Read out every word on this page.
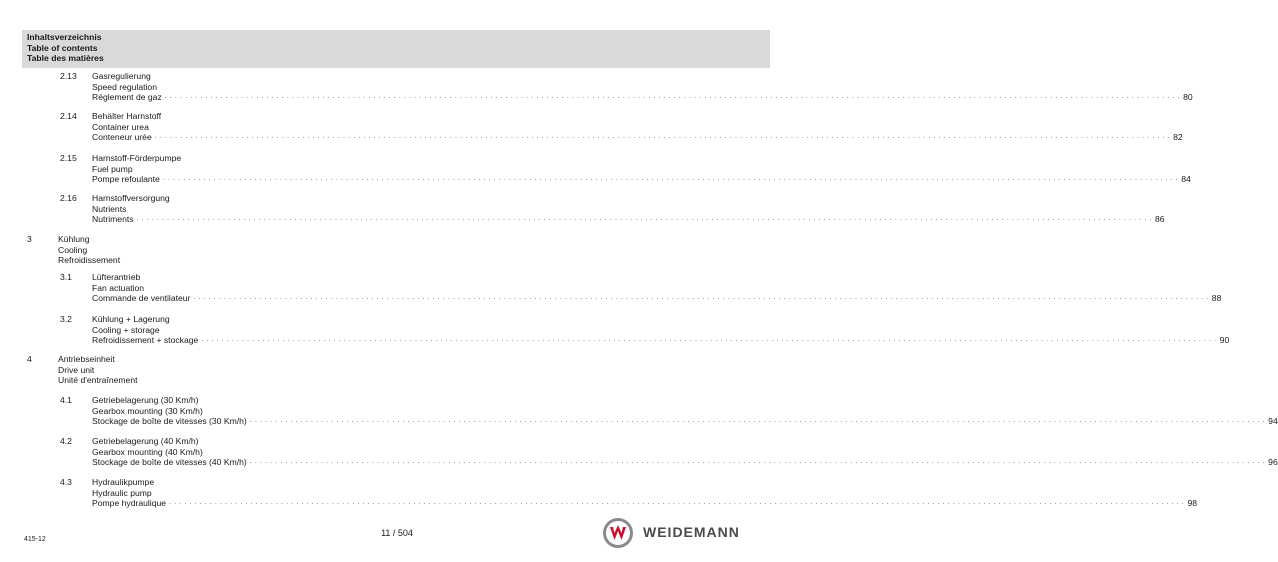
Inhaltsverzeichnis
Table of contents
Table des matières
2.13 Gasregulierung
Speed regulation
Réglement de gaz . . . . . . . . . . . . . . . . . . . . . . . . . . . . . . . . . . . . . . . . . . . . . . . . . . . . . . . . . . . . . . . . . . . . . . . . . . . . . . . . . . . . . . . . . . . . . . . . . . . . . . . . . . . . . . . . . . . . . . . . . . . . . . . . . . . . . . . . . . . . . . . . . . . . . . . . . . . . . . . . . . . . . . . . . . . . . . . . . . . . . . . . . . . . . . . . . . . . . . . . 80
2.14 Behälter Harnstoff
Container urea
Conteneur urée . . . . . . . . . . . . . . . . . . . . . . . . . . . . . . . . . . . . . . . . . . . . . . . . . . . . . . . . . . . . . . . . . . . . . . . . . . . . . . . . . . . . . . . . . . . . . . . . . . . . . . . . . . . . . . . . . . . . . . . . . . . . . . . . . . . . . . . . . . . . . . . . . . . . . . . . . . . . . . . . . . . . . . . . . . . . . . . . . . . . . . . . . . . . . . . . . . . . . . . . 82
2.15 Harnstoff-Förderpumpe
Fuel pump
Pompe refoulante . . . . . . . . . . . . . . . . . . . . . . . . . . . . . . . . . . . . . . . . . . . . . . . . . . . . . . . . . . . . . . . . . . . . . . . . . . . . . . . . . . . . . . . . . . . . . . . . . . . . . . . . . . . . . . . . . . . . . . . . . . . . . . . . . . . . . . . . . . . . . . . . . . . . . . . . . . . . . . . . . . . . . . . . . . . . . . . . . . . . . . . . . . . . . . . . . . . . . . . . 84
2.16 Harnstoffversorgung
Nutrients
Nutriments . . . . . . . . . . . . . . . . . . . . . . . . . . . . . . . . . . . . . . . . . . . . . . . . . . . . . . . . . . . . . . . . . . . . . . . . . . . . . . . . . . . . . . . . . . . . . . . . . . . . . . . . . . . . . . . . . . . . . . . . . . . . . . . . . . . . . . . . . . . . . . . . . . . . . . . . . . . . . . . . . . . . . . . . . . . . . . . . . . . . . . . . . . . . . . . . . . . . . . . . 86
3	Kühlung
Cooling
Refroidissement
3.1 Lüfterantrieb
Fan actuation
Commande de ventilateur . . . . . . . . . . . . . . . . . . . . . . . . . . . . . . . . . . . . . . . . . . . . . . . . . . . . . . . . . . . . . . . . . . . . . . . . . . . . . . . . . . . . . . . . . . . . . . . . . . . . . . . . . . . . . . . . . . . . . . . . . . . . . . . . . . . . . . . . . . . . . . . . . . . . . . . . . . . . . . . . . . . . . . . . . . . . . . . . . . . . . . . . . . . . . . . . . . . . . . . . 88
3.2 Kühlung + Lagerung
Cooling + storage
Refroidissement + stockage . . . . . . . . . . . . . . . . . . . . . . . . . . . . . . . . . . . . . . . . . . . . . . . . . . . . . . . . . . . . . . . . . . . . . . . . . . . . . . . . . . . . . . . . . . . . . . . . . . . . . . . . . . . . . . . . . . . . . . . . . . . . . . . . . . . . . . . . . . . . . . . . . . . . . . . . . . . . . . . . . . . . . . . . . . . . . . . . . . . . . . . . . . . . . . . . . . . . . . . . 90
4	Antriebseinheit
Drive unit
Unité d'entraînement
4.1 Getriebelagerung (30 Km/h)
Gearbox mounting (30 Km/h)
Stockage de boîte de vitesses (30 Km/h) . . . . . . . . . . . . . . . . . . . . . . . . . . . . . . . . . . . . . . . . . . . . . . . . . . . . . . . . . . . . . . . . . . . . . . . . . . . . . . . . . . . . . . . . . . . . . . . . . . . . . . . . . . . . . . . . . . . . . . . . . . . . . . . . . . . . . . . . . . . . . . . . . . . . . . . . . . . . . . . . . . . . . . . . . . . . . . . . . . . . . . . . . . . . . . . . . . . . . . . . 94
4.2 Getriebelagerung (40 Km/h)
Gearbox mounting (40 Km/h)
Stockage de boîte de vitesses (40 Km/h) . . . . . . . . . . . . . . . . . . . . . . . . . . . . . . . . . . . . . . . . . . . . . . . . . . . . . . . . . . . . . . . . . . . . . . . . . . . . . . . . . . . . . . . . . . . . . . . . . . . . . . . . . . . . . . . . . . . . . . . . . . . . . . . . . . . . . . . . . . . . . . . . . . . . . . . . . . . . . . . . . . . . . . . . . . . . . . . . . . . . . . . . . . . . . . . . . . . . . . . . 96
4.3 Hydraulikpumpe
Hydraulic pump
Pompe hydraulique . . . . . . . . . . . . . . . . . . . . . . . . . . . . . . . . . . . . . . . . . . . . . . . . . . . . . . . . . . . . . . . . . . . . . . . . . . . . . . . . . . . . . . . . . . . . . . . . . . . . . . . . . . . . . . . . . . . . . . . . . . . . . . . . . . . . . . . . . . . . . . . . . . . . . . . . . . . . . . . . . . . . . . . . . . . . . . . . . . . . . . . . . . . . . . . . . . . . . . . . 98
415-12
11 / 504	WEIDEMANN
